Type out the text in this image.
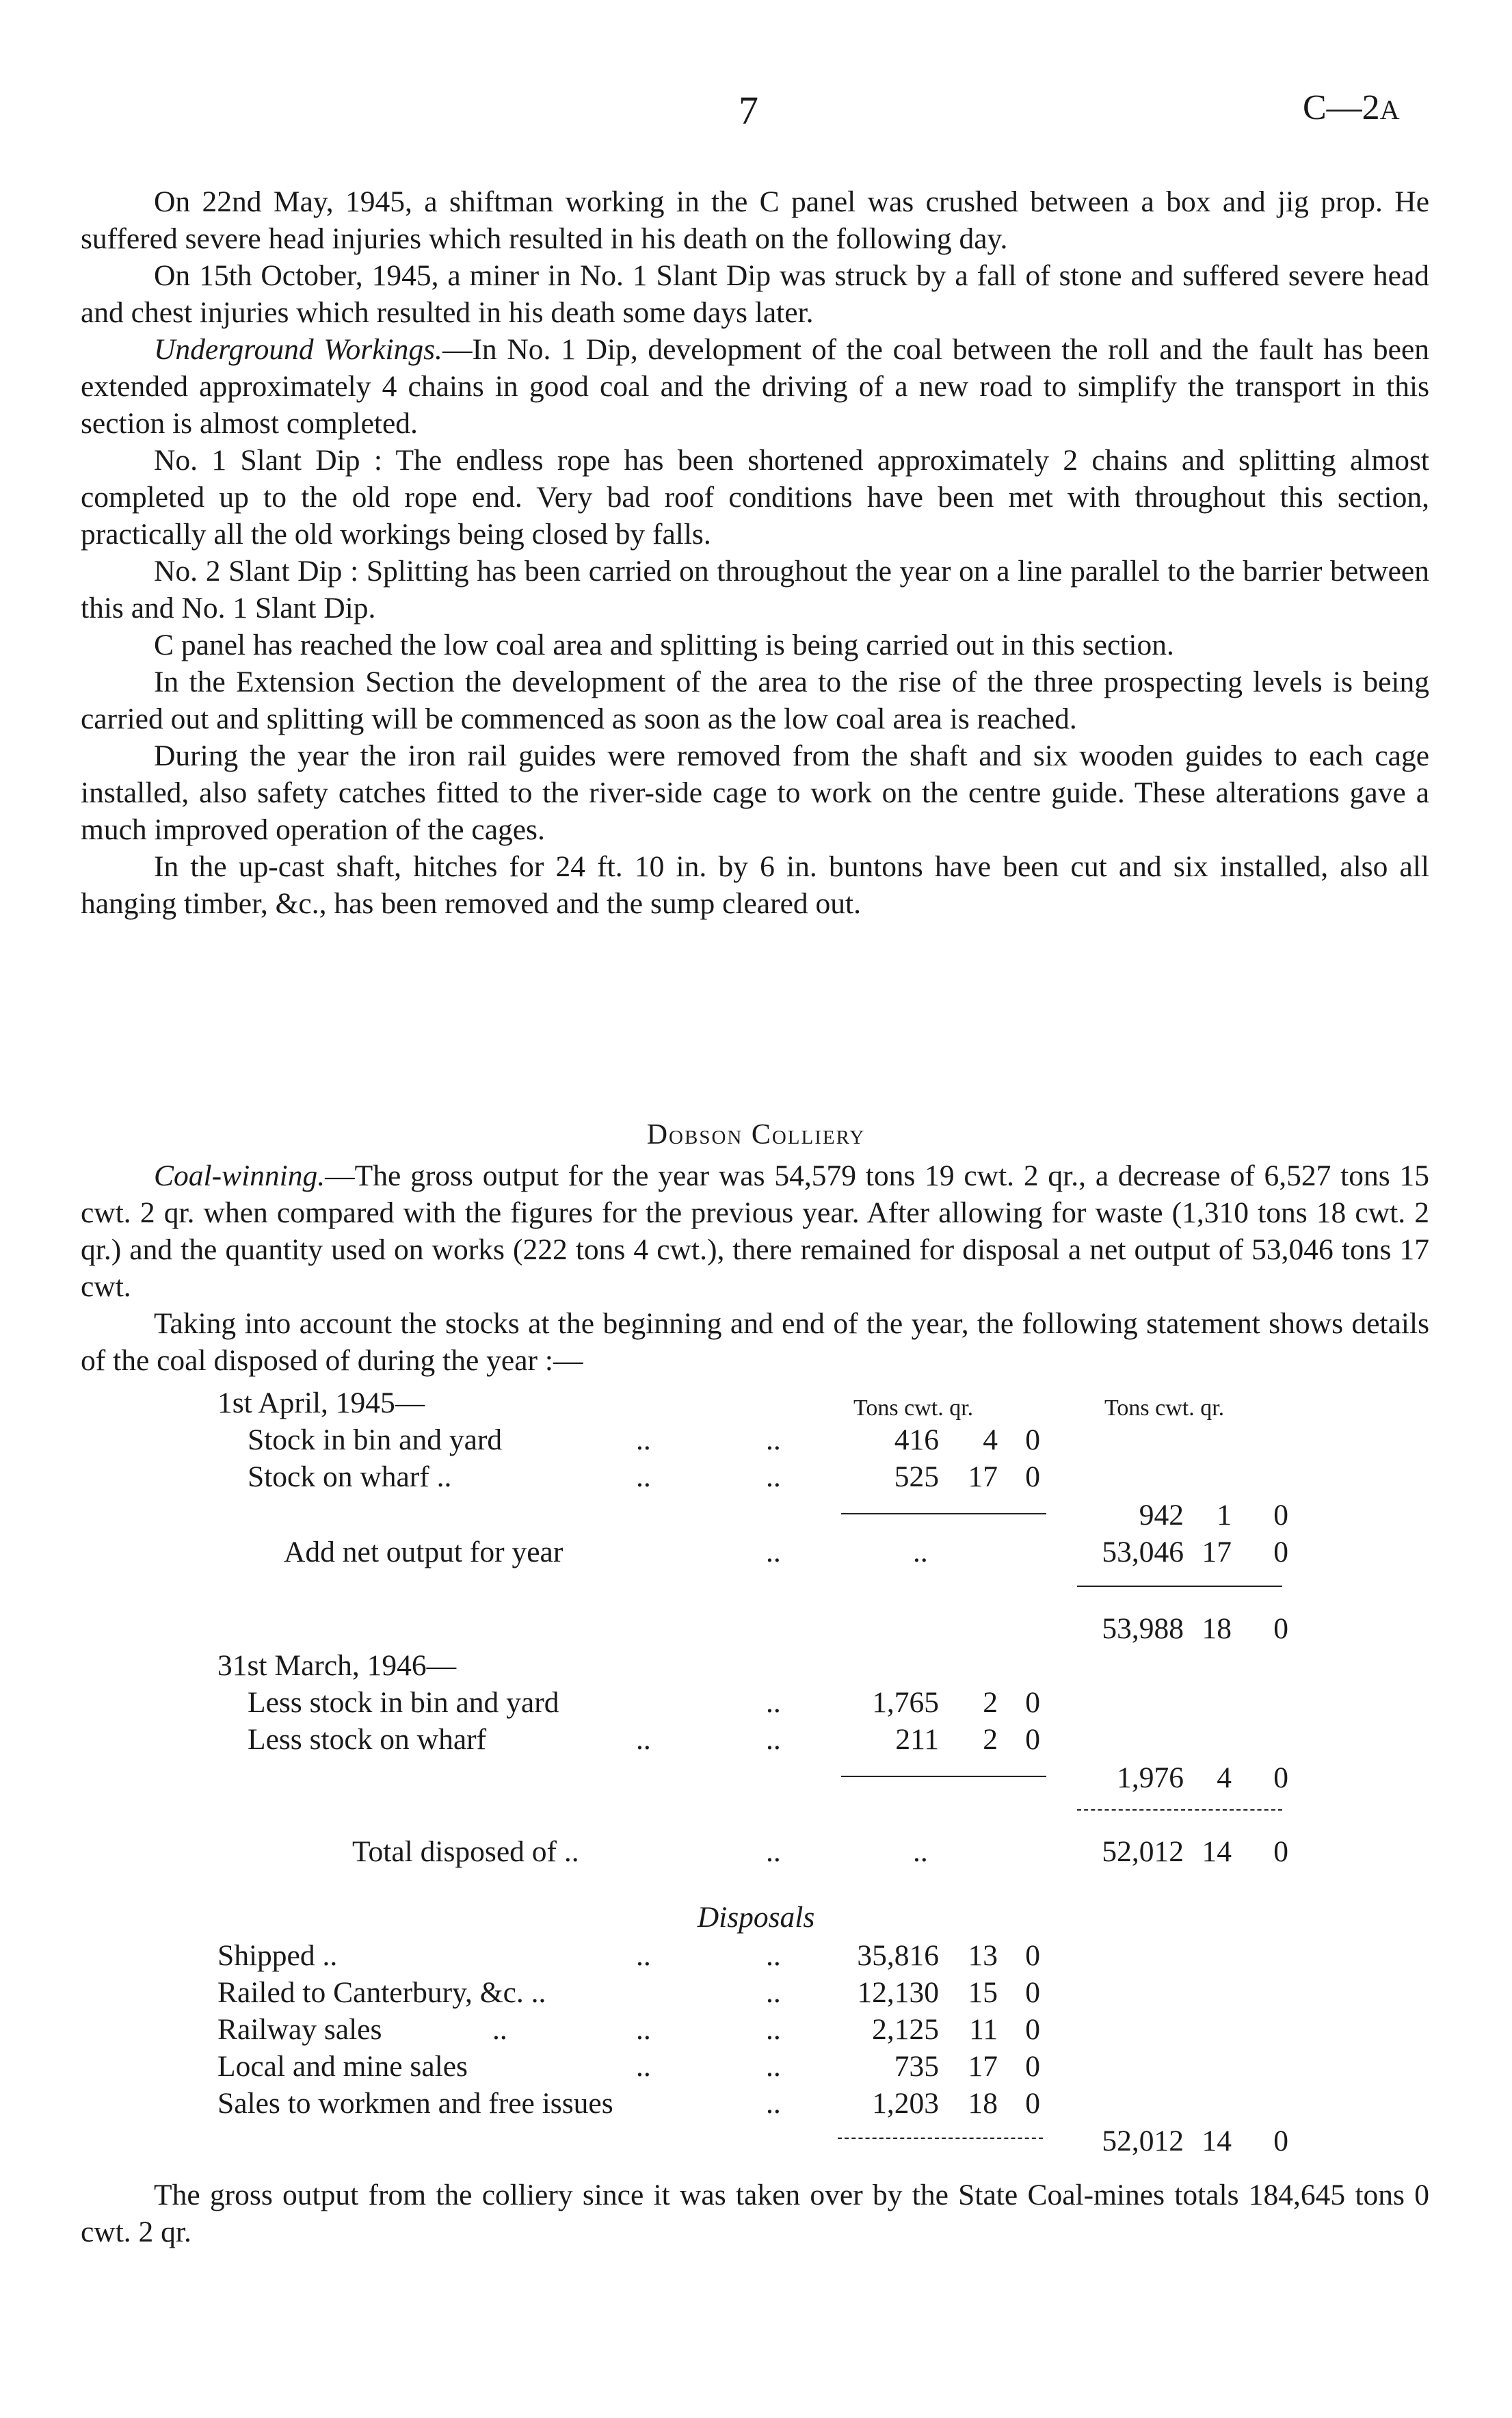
7	C—2A

On 22nd May, 1945, a shiftman working in the C panel was crushed between a box and jig prop. He suffered severe head injuries which resulted in his death on the following day.

On 15th October, 1945, a miner in No. 1 Slant Dip was struck by a fall of stone and suffered severe head and chest injuries which resulted in his death some days later.

Underground Workings.—In No. 1 Dip, development of the coal between the roll and the fault has been extended approximately 4 chains in good coal and the driving of a new road to simplify the transport in this section is almost completed.

No. 1 Slant Dip : The endless rope has been shortened approximately 2 chains and splitting almost completed up to the old rope end. Very bad roof conditions have been met with throughout this section, practically all the old workings being closed by falls.

No. 2 Slant Dip : Splitting has been carried on throughout the year on a line parallel to the barrier between this and No. 1 Slant Dip.

C panel has reached the low coal area and splitting is being carried out in this section.

In the Extension Section the development of the area to the rise of the three prospecting levels is being carried out and splitting will be commenced as soon as the low coal area is reached.

During the year the iron rail guides were removed from the shaft and six wooden guides to each cage installed, also safety catches fitted to the river-side cage to work on the centre guide. These alterations gave a much improved operation of the cages.

In the up-cast shaft, hitches for 24 ft. 10 in. by 6 in. buntons have been cut and six installed, also all hanging timber, &c., has been removed and the sump cleared out.

Dobson Colliery

Coal-winning.—The gross output for the year was 54,579 tons 19 cwt. 2 qr., a decrease of 6,527 tons 15 cwt. 2 qr. when compared with the figures for the previous year. After allowing for waste (1,310 tons 18 cwt. 2 qr.) and the quantity used on works (222 tons 4 cwt.), there remained for disposal a net output of 53,046 tons 17 cwt.

Taking into account the stocks at the beginning and end of the year, the following statement shows details of the coal disposed of during the year :—

Tons cwt. qr.	Tons cwt. qr.
1st April, 1945—
Stock in bin and yard	..	..	416 4 0
Stock on wharf ..	..	..	525 17 0
942 1 0
Add net output for year	..	..	53,046 17 0
53,988 18 0
31st March, 1946—
Less stock in bin and yard	..	1,765 2 0
Less stock on wharf	..	..	211 2 0
1,976 4 0
Total disposed of ..	..	..	52,012 14 0
Disposals
Shipped ..	..	..	35,816 13 0
Railed to Canterbury, &c. ..	..	12,130 15 0
Railway sales	..	..	..	2,125 11 0
Local and mine sales	..	..	735 17 0
Sales to workmen and free issues	..	1,203 18 0
52,012 14 0

The gross output from the colliery since it was taken over by the State Coal-mines totals 184,645 tons 0 cwt. 2 qr.
